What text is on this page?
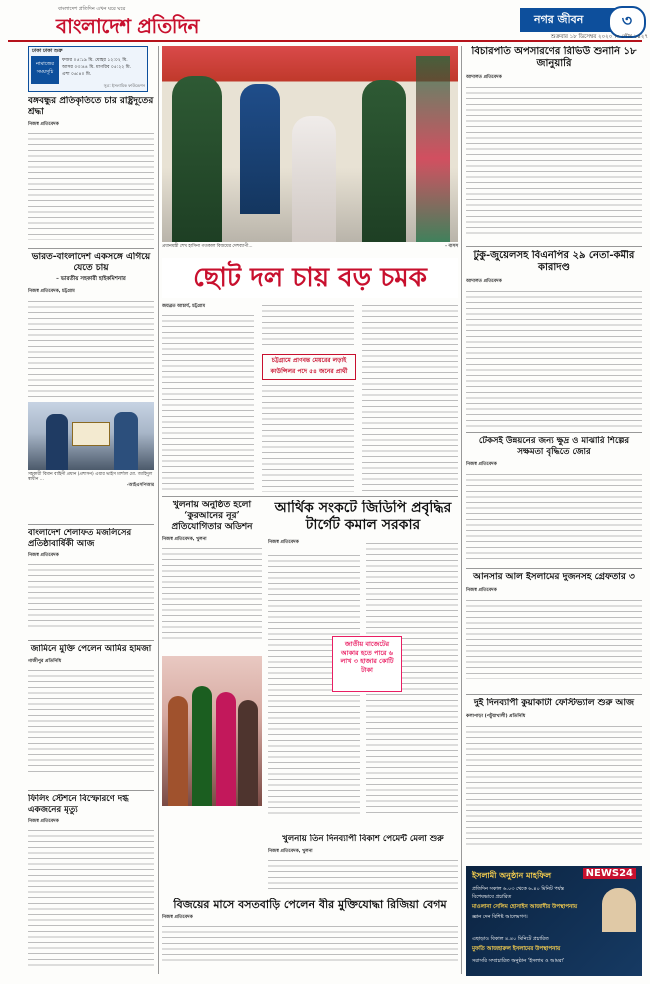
বাংলাদেশ প্রতিদিন এখন ঘরে ঘরে
বাংলাদেশ প্রতিদিন	নগর জীবন	৩
শুক্রবার ১৮ ডিসেম্বর ২০২০ ।৩ পৌষ ১৪২৭
ঢাকা ঢাকা শুক্র
নামাজের
সময়সূচি
ফজর ০৫:১৯ মি. যোহর ১২:০২ মি.
আসর ০৩:৪৪ মি. মাগরিব ০৫:২২ মি.
এশা ০৬:৪০ মি.
সূত্র: ইসলামিক ফাউন্ডেশন
বঙ্গবন্ধুর প্রতিকৃতিতে চার রাষ্ট্রদূতের শ্রদ্ধা
নিজস্ব প্রতিবেদক
ভারত-বাংলাদেশ একসঙ্গে এগিয়ে যেতে চায়
– ভারতীয় সহকারী হাইকমিশনার
নিজস্ব প্রতিবেদক, চট্টগ্রাম
সহকারী বিমান বাহিনী প্রধান (প্রশাসন) এয়ার ভাইস মার্শাল মো. জাহিদুল স্বাধীন ...
-আইএসপিআর
বাংলাদেশ শেলাফত মজলিসের প্রতিষ্ঠাবার্ষিকী আজ
নিজস্ব প্রতিবেদক
জামিনে মুক্তি পেলেন আমির হামজা
গাজীপুর প্রতিনিধি
ফিলিং স্টেশনে বিস্ফোরণে দগ্ধ একজনের মৃত্যু
নিজস্ব প্রতিবেদক
প্রধানমন্ত্রী শেখ হাসিনা গতকাল বিজয়ের দেশব্যাপী...	- বাসস
ছোট দল চায় বড় চমক
জয়ব্রত আচার্য, চট্টগ্রাম
চট্টগ্রামে প্রাণবন্ত মেয়রের লড়াই
কাউন্সিলর পদে ৫৪ জনের প্রার্থী
খুলনায় অনুষ্ঠিত হলো ‘কুরআনের নূর’ প্রতিযোগিতার অডিশন
নিজস্ব প্রতিবেদক, খুলনা
আর্থিক সংকটে জিডিপি প্রবৃদ্ধির টার্গেট কমাল সরকার
নিজস্ব প্রতিবেদক
জাতীয় বাজেটের আকার হতে পারে ৬ লাখ ৩ হাজার কোটি টাকা
খুলনায় তিন দিনব্যাপী বিকাশ পেমেন্ট মেলা শুরু
নিজস্ব প্রতিবেদক, খুলনা
বিজয়ের মাসে বসতবাড়ি পেলেন বীর মুক্তিযোদ্ধা রিজিয়া বেগম
নিজস্ব প্রতিবেদক
বিচারপতি অপসারণের রিভিউ শুনানি ১৮ জানুয়ারি
আদালত প্রতিবেদক
টুকু-জুয়েলসহ বিএনপির ২৯ নেতা-কর্মীর কারাদণ্ড
আদালত প্রতিবেদক
টেকসই উন্নয়নের জন্য ক্ষুদ্র ও মাঝারি শিল্পের সক্ষমতা বৃদ্ধিতে জোর
নিজস্ব প্রতিবেদক
আনসার আল ইসলামের দুজনসহ গ্রেফতার ৩
নিজস্ব প্রতিবেদক
দুই দিনব্যাপী কুয়াকাটা ফেস্টিভ্যাল শুরু আজ
কলাপাড়া (পটুয়াখালী) প্রতিনিধি
ইসলামী অনুষ্ঠান মাহফিল	NEWS24
প্রতিদিন সকাল ৬.০৩ থেকে ৬.৪০ মিনিট পর্যন্ত
বিশেষভাবে প্রচারিত
মাওলানা সেলিম হোসাইন আজাদীর উপস্থাপনায়
জ্ঞান দেন বিশিষ্ট আলেমগণ।
এছাড়াও বিকাল ৪.৪০ মিনিটে প্রচারিত
মুফতি আজহারুল ইসলামের উপস্থাপনায়
সরাসরি সম্প্রচারিত অনুষ্ঠান ‘ইসলাম ও আমরা’
